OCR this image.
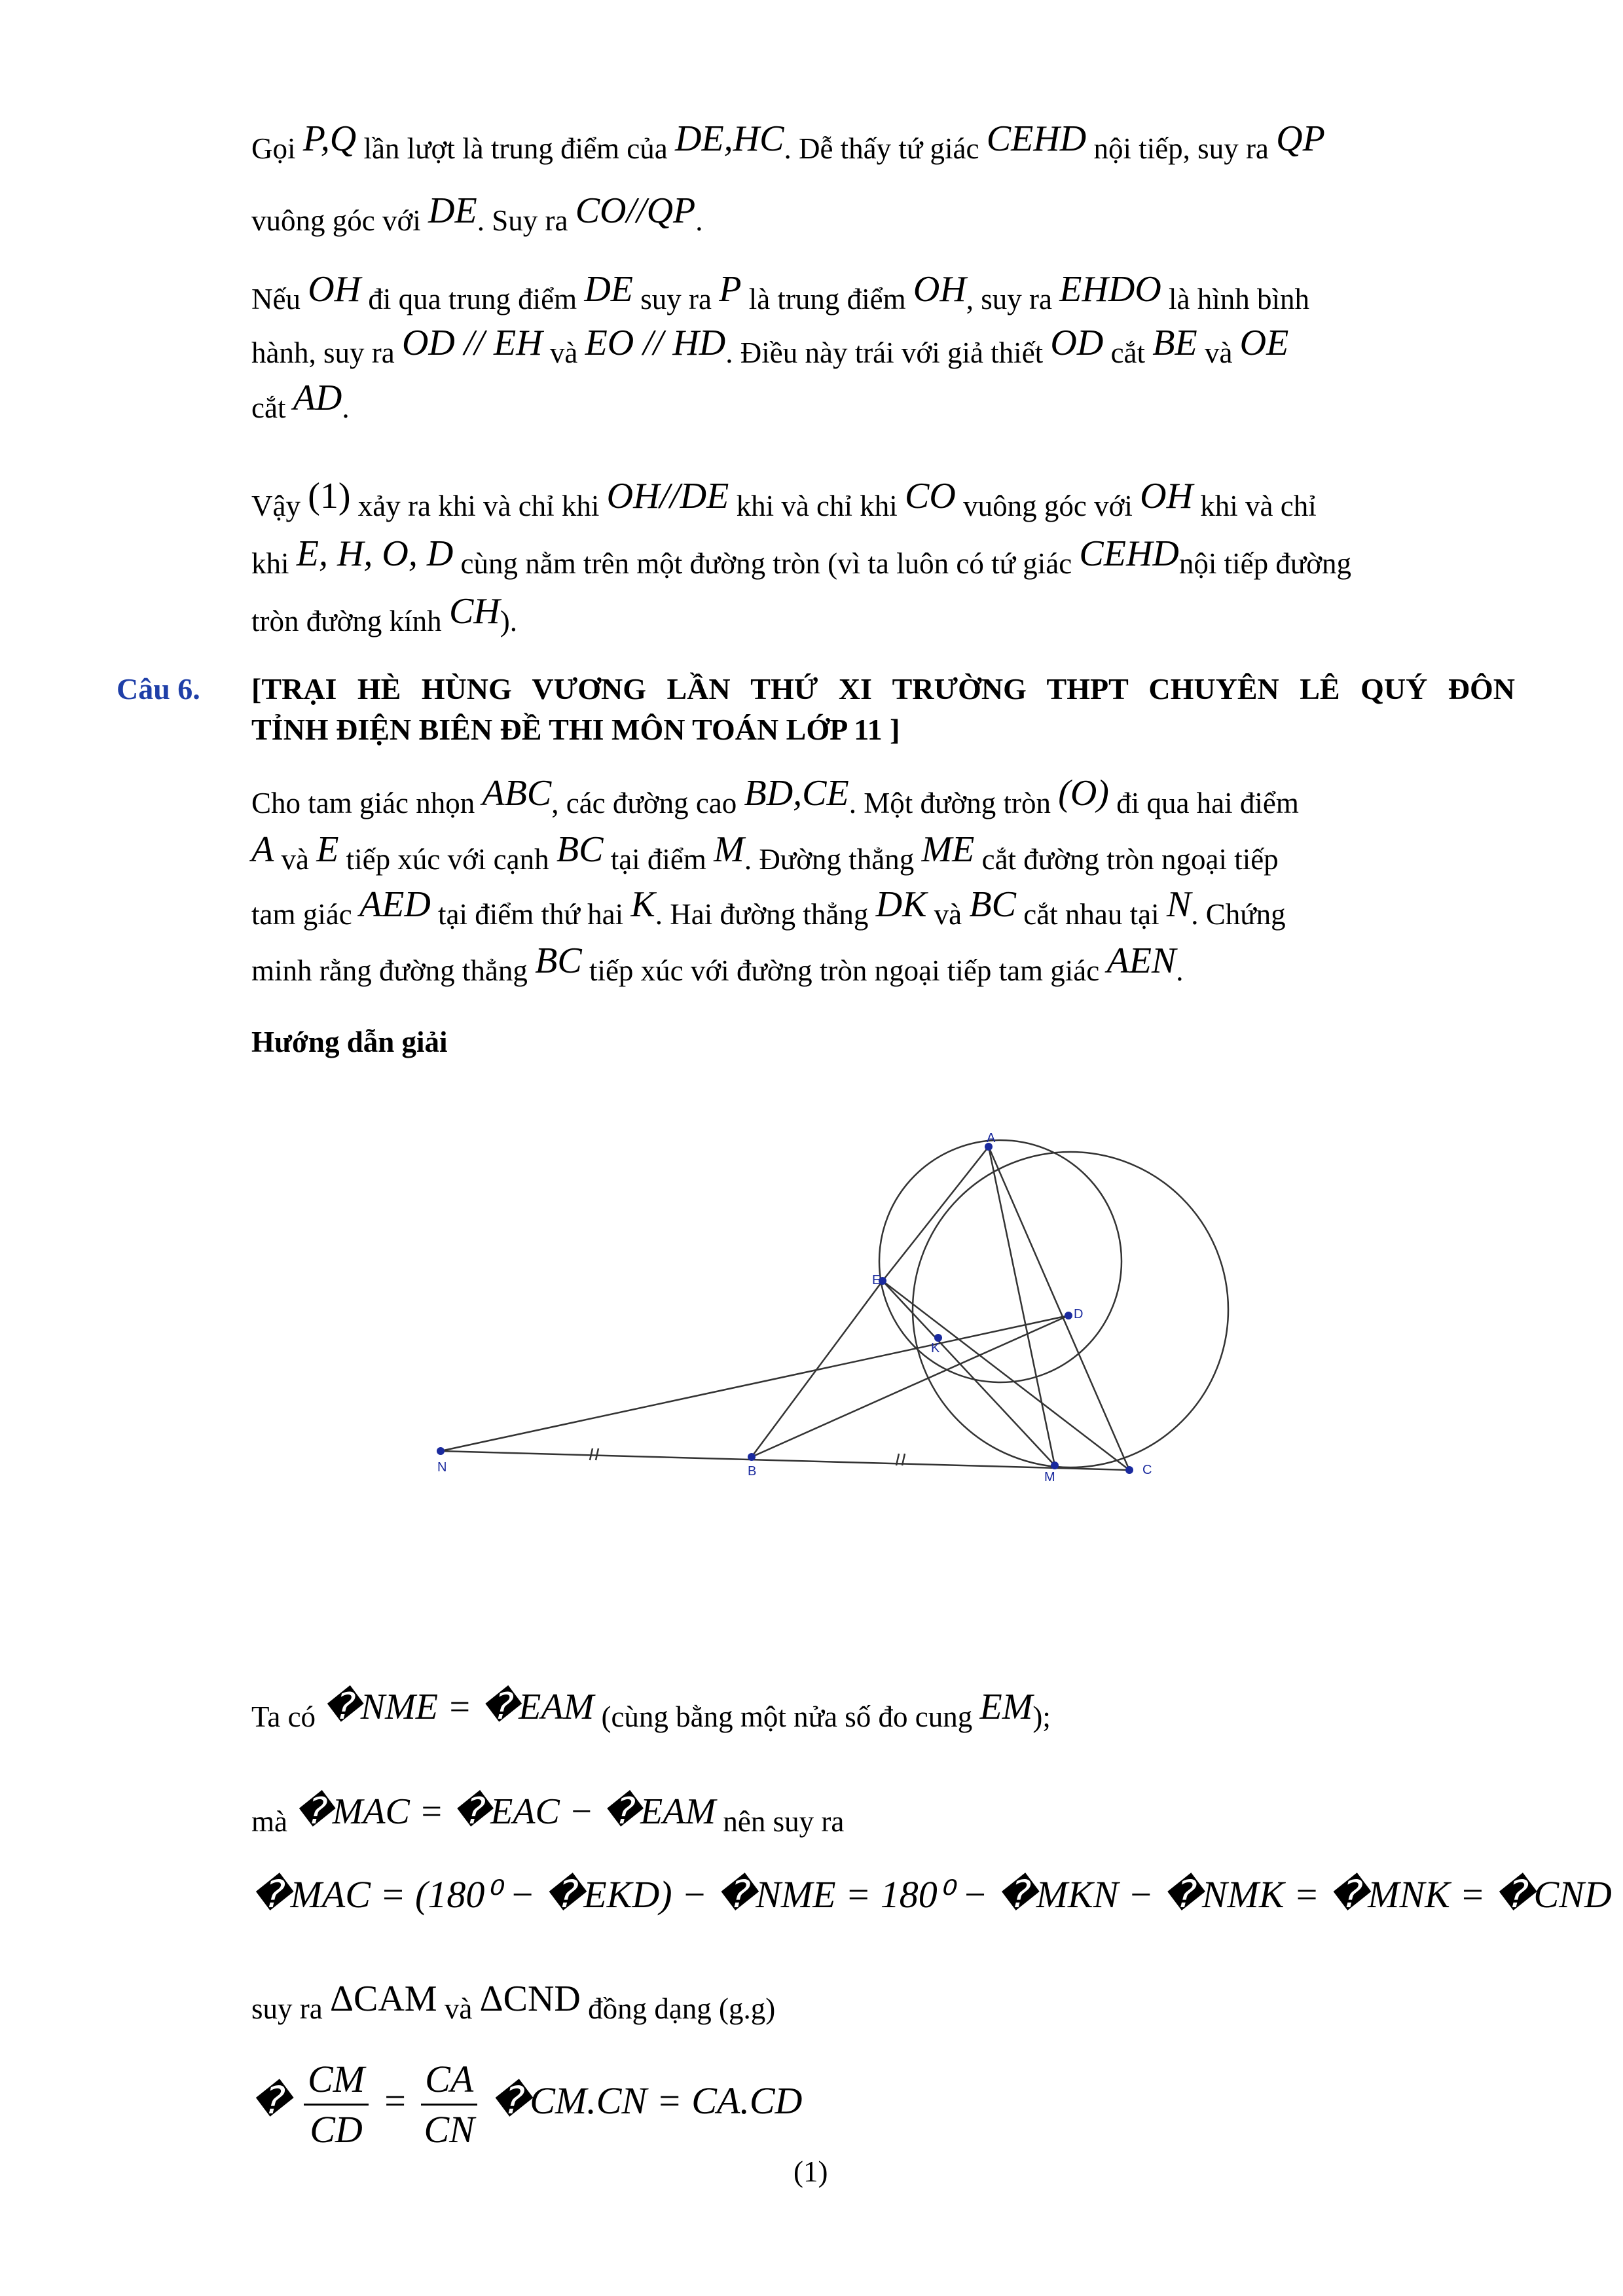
Gọi P,Q lần lượt là trung điểm của DE,HC. Dễ thấy tứ giác CEHD nội tiếp, suy ra QP
vuông góc với DE. Suy ra CO//QP.
Nếu OH đi qua trung điểm DE suy ra P là trung điểm OH, suy ra EHDO là hình bình
hành, suy ra OD // EH và EO // HD. Điều này trái với giả thiết OD cắt BE và OE
cắt AD.
Vậy (1) xảy ra khi và chỉ khi OH//DE khi và chỉ khi CO vuông góc với OH khi và chỉ
khi E, H, O, D cùng nằm trên một đường tròn (vì ta luôn có tứ giác CEHDnội tiếp đường
tròn đường kính CH).
Câu 6. [TRẠI HÈ HÙNG VƯƠNG LẦN THỨ XI TRƯỜNG THPT CHUYÊN LÊ QUÝ ĐÔN
TỈNH ĐIỆN BIÊN ĐỀ THI MÔN TOÁN LỚP 11 ]
Cho tam giác nhọn ABC, các đường cao BD,CE. Một đường tròn (O) đi qua hai điểm
A và E tiếp xúc với cạnh BC tại điểm M. Đường thẳng ME cắt đường tròn ngoại tiếp
tam giác AED tại điểm thứ hai K. Hai đường thẳng DK và BC cắt nhau tại N. Chứng
minh rằng đường thẳng BC tiếp xúc với đường tròn ngoại tiếp tam giác AEN.
Hướng dẫn giải
A
E
D
K
N	B	M	C
Ta có �NME = �EAM (cùng bằng một nửa số đo cung EM);
mà �MAC = �EAC − �EAM nên suy ra
�MAC = (180⁰ − �EKD) − �NME = 180⁰ − �MKN − �NMK = �MNK = �CND
suy ra ΔCAM và ΔCND đồng dạng (g.g)
� $\frac{CM}{CD} = \frac{CA}{CN}$ �CM.CN = CA.CD
(1)
